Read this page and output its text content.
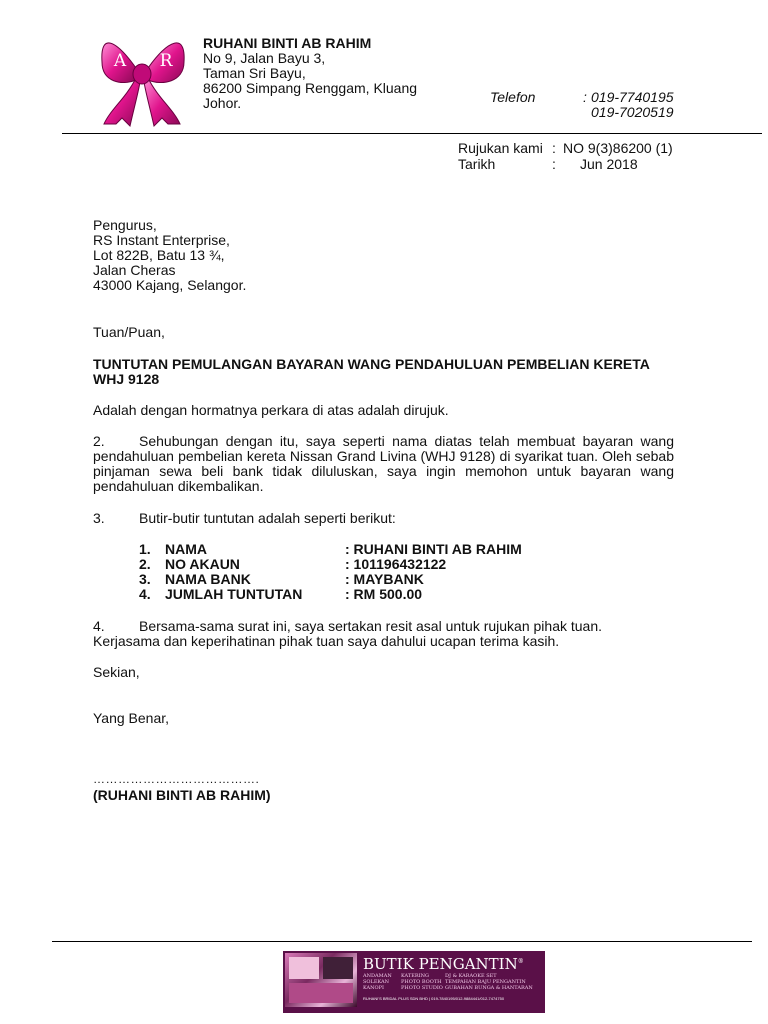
A R
RUHANI BINTI AB RAHIM
No 9, Jalan Bayu 3,
Taman Sri Bayu,
86200 Simpang Renggam, Kluang
Johor.	Telefon	: 019-7740195
019-7020519
Rujukan kami : NO 9(3)86200 (1)
Tarikh	: Jun 2018
Pengurus,
RS Instant Enterprise,
Lot 822B, Batu 13 ¾,
Jalan Cheras
43000 Kajang, Selangor.
Tuan/Puan,
TUNTUTAN PEMULANGAN BAYARAN WANG PENDAHULUAN PEMBELIAN KERETA
WHJ 9128
Adalah dengan hormatnya perkara di atas adalah dirujuk.
2. Sehubungan dengan itu, saya seperti nama diatas telah membuat bayaran wang pendahuluan pembelian kereta Nissan Grand Livina (WHJ 9128) di syarikat tuan. Oleh sebab pinjaman sewa beli bank tidak diluluskan, saya ingin memohon untuk bayaran wang pendahuluan dikembalikan.
3.	Butir-butir tuntutan adalah seperti berikut:
1.	NAMA	: RUHANI BINTI AB RAHIM
2.	NO AKAUN	: 101196432122
3.	NAMA BANK	: MAYBANK
4.	JUMLAH TUNTUTAN	: RM 500.00
4.	Bersama-sama surat ini, saya sertakan resit asal untuk rujukan pihak tuan.
Kerjasama dan keperihatinan pihak tuan saya dahului ucapan terima kasih.
Sekian,
Yang Benar,
………………………………….
(RUHANI BINTI AB RAHIM)
BUTIK PENGANTIN®
ANDAMAN
SOLEKAN
KANOPI
KATERING
PHOTO BOOTH
PHOTO STUDIO
DJ & KARAOKE SET
TEMPAHAN BAJU PENGANTIN
GUBAHAN BUNGA & HANTARAN
RUHANI'S BRIDAL PLUS SDN BHD | 019-7840195/012-9884441/012-7474750
